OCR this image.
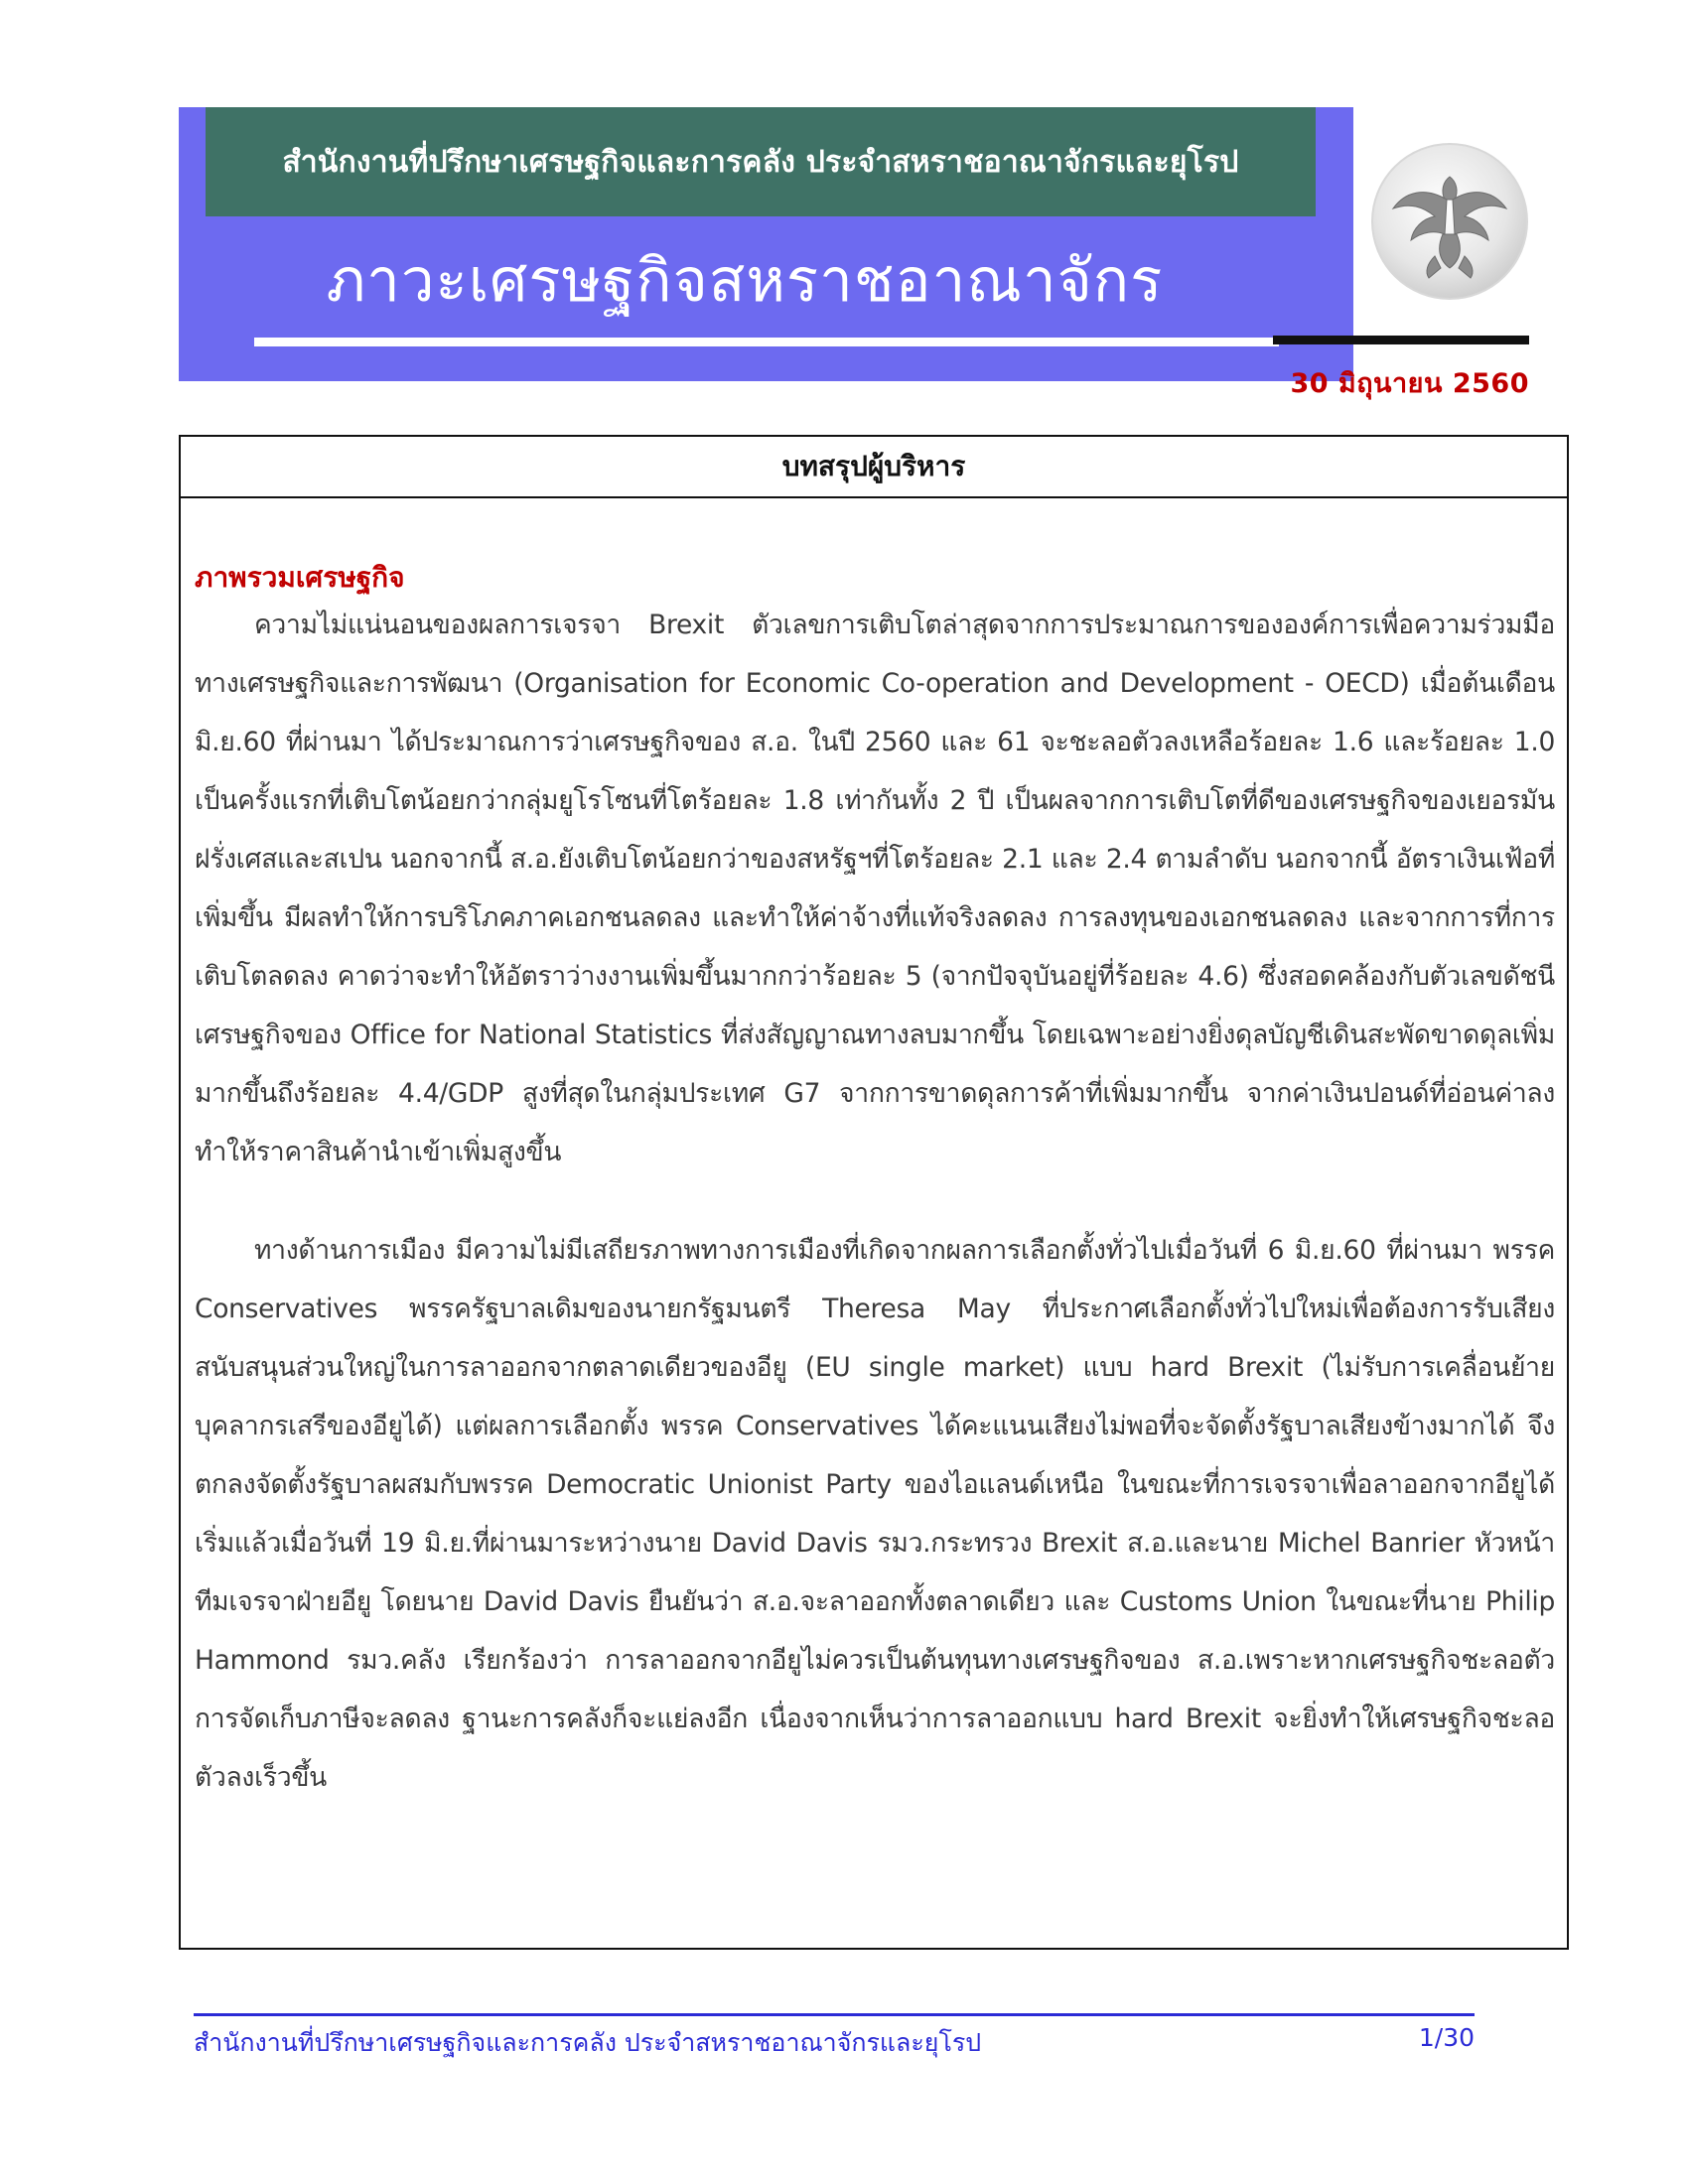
สำนักงานที่ปรึกษาเศรษฐกิจและการคลัง ประจำสหราชอาณาจักรและยุโรป
ภาวะเศรษฐกิจสหราชอาณาจักร
30 มิถุนายน 2560
บทสรุปผู้บริหาร
ภาพรวมเศรษฐกิจ
ความไม่แน่นอนของผลการเจรจา Brexit ตัวเลขการเติบโตล่าสุดจากการประมาณการขององค์การเพื่อความร่วมมือทางเศรษฐกิจและการพัฒนา (Organisation for Economic Co-operation and Development - OECD) เมื่อต้นเดือน มิ.ย.60 ที่ผ่านมา ได้ประมาณการว่าเศรษฐกิจของ ส.อ. ในปี 2560 และ 61 จะชะลอตัวลงเหลือร้อยละ 1.6 และร้อยละ 1.0 เป็นครั้งแรกที่เติบโตน้อยกว่ากลุ่มยูโรโซนที่โตร้อยละ 1.8 เท่ากันทั้ง 2 ปี เป็นผลจากการเติบโตที่ดีของเศรษฐกิจของเยอรมัน ฝรั่งเศสและสเปน นอกจากนี้ ส.อ.ยังเติบโตน้อยกว่าของสหรัฐฯที่โตร้อยละ 2.1 และ 2.4 ตามลำดับ นอกจากนี้ อัตราเงินเฟ้อที่เพิ่มขึ้น มีผลทำให้การบริโภคภาคเอกชนลดลง และทำให้ค่าจ้างที่แท้จริงลดลง การลงทุนของเอกชนลดลง และจากการที่การเติบโตลดลง คาดว่าจะทำให้อัตราว่างงานเพิ่มขึ้นมากกว่าร้อยละ 5 (จากปัจจุบันอยู่ที่ร้อยละ 4.6) ซึ่งสอดคล้องกับตัวเลขดัชนีเศรษฐกิจของ Office for National Statistics ที่ส่งสัญญาณทางลบมากขึ้น โดยเฉพาะอย่างยิ่งดุลบัญชีเดินสะพัดขาดดุลเพิ่มมากขึ้นถึงร้อยละ 4.4/GDP สูงที่สุดในกลุ่มประเทศ G7 จากการขาดดุลการค้าที่เพิ่มมากขึ้น จากค่าเงินปอนด์ที่อ่อนค่าลง ทำให้ราคาสินค้านำเข้าเพิ่มสูงขึ้น
ทางด้านการเมือง มีความไม่มีเสถียรภาพทางการเมืองที่เกิดจากผลการเลือกตั้งทั่วไปเมื่อวันที่ 6 มิ.ย.60 ที่ผ่านมา พรรค Conservatives พรรครัฐบาลเดิมของนายกรัฐมนตรี Theresa May ที่ประกาศเลือกตั้งทั่วไปใหม่เพื่อต้องการรับเสียงสนับสนุนส่วนใหญ่ในการลาออกจากตลาดเดียวของอียู (EU single market) แบบ hard Brexit (ไม่รับการเคลื่อนย้ายบุคลากรเสรีของอียูได้) แต่ผลการเลือกตั้ง พรรค Conservatives ได้คะแนนเสียงไม่พอที่จะจัดตั้งรัฐบาลเสียงข้างมากได้ จึงตกลงจัดตั้งรัฐบาลผสมกับพรรค Democratic Unionist Party ของไอแลนด์เหนือ ในขณะที่การเจรจาเพื่อลาออกจากอียูได้เริ่มแล้วเมื่อวันที่ 19 มิ.ย.ที่ผ่านมาระหว่างนาย David Davis รมว.กระทรวง Brexit ส.อ.และนาย Michel Banrier หัวหน้าทีมเจรจาฝ่ายอียู โดยนาย David Davis ยืนยันว่า ส.อ.จะลาออกทั้งตลาดเดียว และ Customs Union ในขณะที่นาย Philip Hammond รมว.คลัง เรียกร้องว่า การลาออกจากอียูไม่ควรเป็นต้นทุนทางเศรษฐกิจของ ส.อ.เพราะหากเศรษฐกิจชะลอตัว การจัดเก็บภาษีจะลดลง ฐานะการคลังก็จะแย่ลงอีก เนื่องจากเห็นว่าการลาออกแบบ hard Brexit จะยิ่งทำให้เศรษฐกิจชะลอตัวลงเร็วขึ้น
สำนักงานที่ปรึกษาเศรษฐกิจและการคลัง ประจำสหราชอาณาจักรและยุโรป	1/30
